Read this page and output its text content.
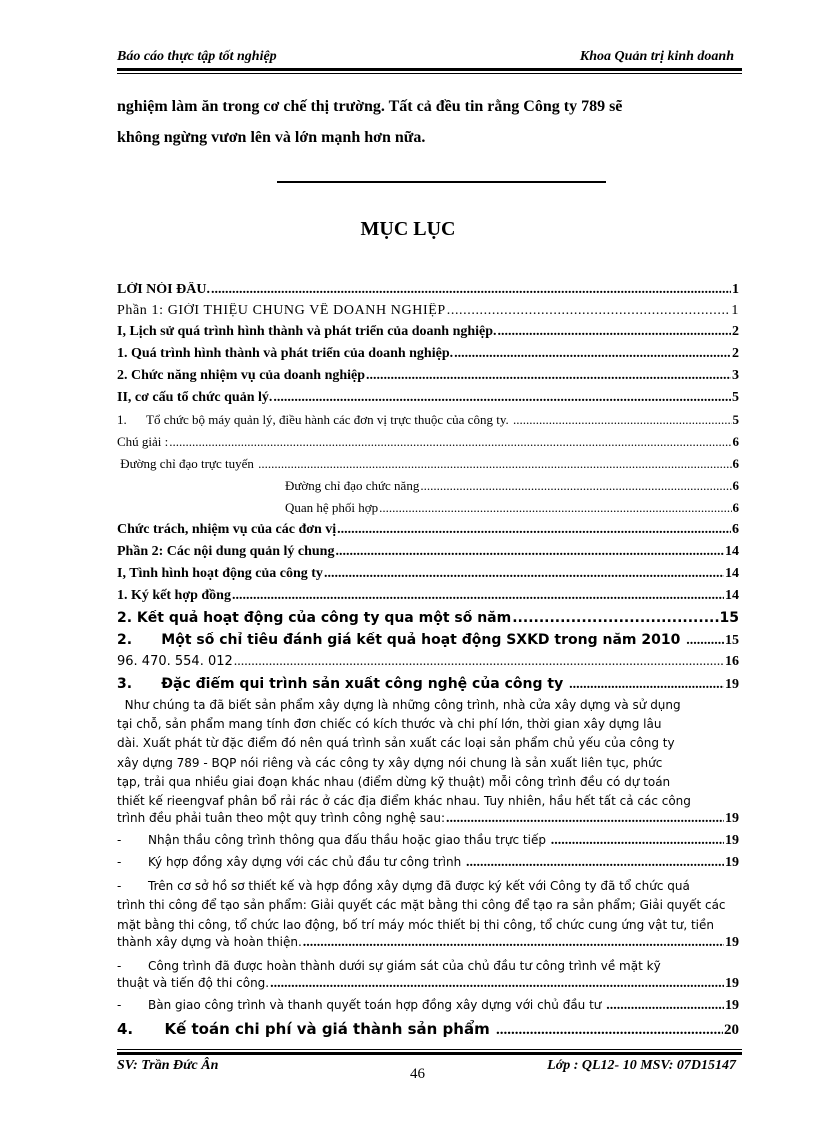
Báo cáo thực tập tốt nghiệp	Khoa Quản trị kinh doanh

nghiệm làm ăn trong cơ chế thị trường. Tất cả đều tin rằng Công ty 789 sẽ

không ngừng vươn lên và lớn mạnh hơn nữa.

MỤC LỤC
LỜI NÓI ĐẦU. .....	1
Phần 1: GIỚI THIỆU CHUNG VỀ DOANH NGHIỆP .....	1
I, Lịch sử quá trình hình thành và phát triển của doanh nghiệp. .....	2
1. Quá trình hình thành và phát triển của doanh nghiệp. .....	2
2. Chức năng nhiệm vụ của doanh nghiệp .....	3
II, cơ cấu tổ chức quản lý. .....	5
1.      Tổ chức bộ máy quản lý, điều hành các đơn vị trực thuộc của công ty. .....	5
Chú giải : .....	6
Đường chỉ đạo trực tuyến .....	6
Đường chỉ đạo chức năng .....	6
Quan hệ phối hợp .....	6
Chức trách, nhiệm vụ của các đơn vị .....	6
Phần 2: Các nội dung quản lý chung .....	14
I, Tình hình hoạt động của công ty .....	14
1. Ký kết hợp đồng .....	14
2. Kết quả hoạt động của công ty qua một số năm .....	15
2.      Một số chỉ tiêu đánh giá kết quả hoạt động SXKD trong năm 2010 .....	15
96. 470. 554. 012 .....	16
3.      Đặc điểm qui trình sản xuất công nghệ của công ty .....	19
Như chúng ta đã biết sản phẩm xây dựng là những công trình, nhà cửa xây dựng và sử dụng
tại chỗ, sản phẩm mang tính đơn chiếc có kích thước và chi phí lớn, thời gian xây dựng lâu
dài. Xuất phát từ đặc điểm đó nên quá trình sản xuất các loại sản phẩm chủ yếu của công ty
xây dựng 789 - BQP nói riêng và các công ty xây dựng nói chung là sản xuất liên tục, phức
tạp, trải qua nhiều giai đoạn khác nhau (điểm dừng kỹ thuật) mỗi công trình đều có dự toán
thiết kế rieengvaf phân bổ rải rác ở các địa điểm khác nhau. Tuy nhiên, hầu hết tất cả các công
trình đều phải tuân theo một quy trình công nghệ sau: .....	19
-       Nhận thầu công trình thông qua đấu thầu hoặc giao thầu trực tiếp .....	19
-       Ký hợp đồng xây dựng với các chủ đầu tư công trình .....	19
-       Trên cơ sở hồ sơ thiết kế và hợp đồng xây dựng đã được ký kết với Công ty đã tổ chức quá
trình thi công để tạo sản phẩm: Giải quyết các mặt bằng thi công để tạo ra sản phẩm; Giải quyết các
mặt bằng thi công, tổ chức lao động, bố trí máy móc thiết bị thi công, tổ chức cung ứng vật tư, tiền
thành xây dựng và hoàn thiện. .....	19
-       Công trình đã được hoàn thành dưới sự giám sát của chủ đầu tư công trình về mặt kỹ
thuật và tiến độ thi công. .....	19
-       Bàn giao công trình và thanh quyết toán hợp đồng xây dựng với chủ đầu tư .....	19
4.      Kế toán chi phí và giá thành sản phẩm .....	20
SV: Trần Đức Ân
46
Lớp : QL12- 10 MSV: 07D15147
